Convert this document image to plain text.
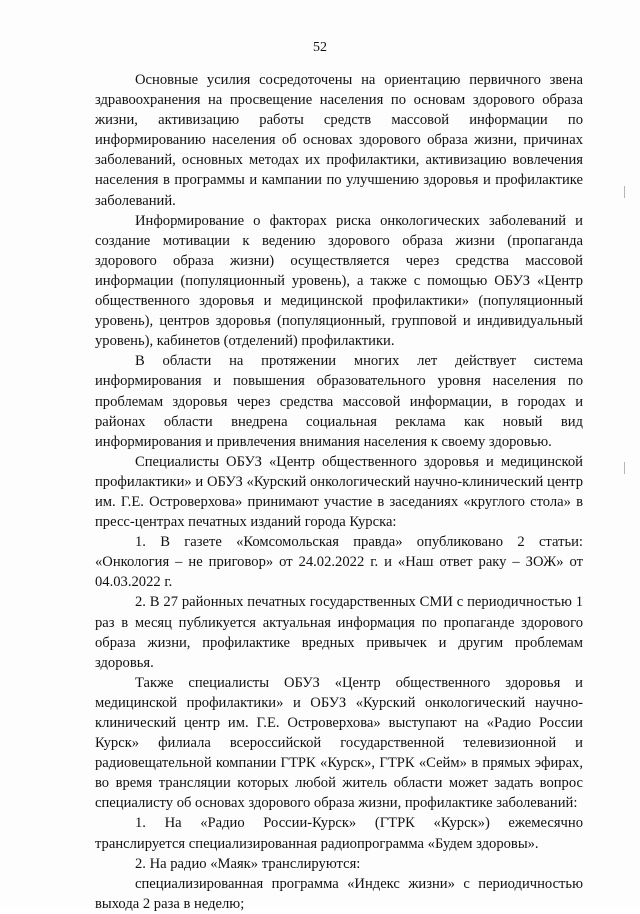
52

Основные усилия сосредоточены на ориентацию первичного звена здравоохранения на просвещение населения по основам здорового образа жизни, активизацию работы средств массовой информации по информированию населения об основах здорового образа жизни, причинах заболеваний, основных методах их профилактики, активизацию вовлечения населения в программы и кампании по улучшению здоровья и профилактике заболеваний.

Информирование о факторах риска онкологических заболеваний и создание мотивации к ведению здорового образа жизни (пропаганда здорового образа жизни) осуществляется через средства массовой информации (популяционный уровень), а также с помощью ОБУЗ «Центр общественного здоровья и медицинской профилактики» (популяционный уровень), центров здоровья (популяционный, групповой и индивидуальный уровень), кабинетов (отделений) профилактики.

В области на протяжении многих лет действует система информирования и повышения образовательного уровня населения по проблемам здоровья через средства массовой информации, в городах и районах области внедрена социальная реклама как новый вид информирования и привлечения внимания населения к своему здоровью.

Специалисты ОБУЗ «Центр общественного здоровья и медицинской профилактики» и ОБУЗ «Курский онкологический научно-клинический центр им. Г.Е. Островерхова» принимают участие в заседаниях «круглого стола» в пресс-центрах печатных изданий города Курска:

1. В газете «Комсомольская правда» опубликовано 2 статьи: «Онкология – не приговор» от 24.02.2022 г. и «Наш ответ раку – ЗОЖ» от 04.03.2022 г.

2. В 27 районных печатных государственных СМИ с периодичностью 1 раз в месяц публикуется актуальная информация по пропаганде здорового образа жизни, профилактике вредных привычек и другим проблемам здоровья.

Также специалисты ОБУЗ «Центр общественного здоровья и медицинской профилактики» и ОБУЗ «Курский онкологический научно-клинический центр им. Г.Е. Островерхова» выступают на «Радио России Курск» филиала всероссийской государственной телевизионной и радиовещательной компании ГТРК «Курск», ГТРК «Сейм» в прямых эфирах, во время трансляции которых любой житель области может задать вопрос специалисту об основах здорового образа жизни, профилактике заболеваний:

1. На «Радио России-Курск» (ГТРК «Курск») ежемесячно транслируется специализированная радиопрограмма «Будем здоровы».

2. На радио «Маяк» транслируются:

специализированная программа «Индекс жизни» с периодичностью выхода 2 раза в неделю;
